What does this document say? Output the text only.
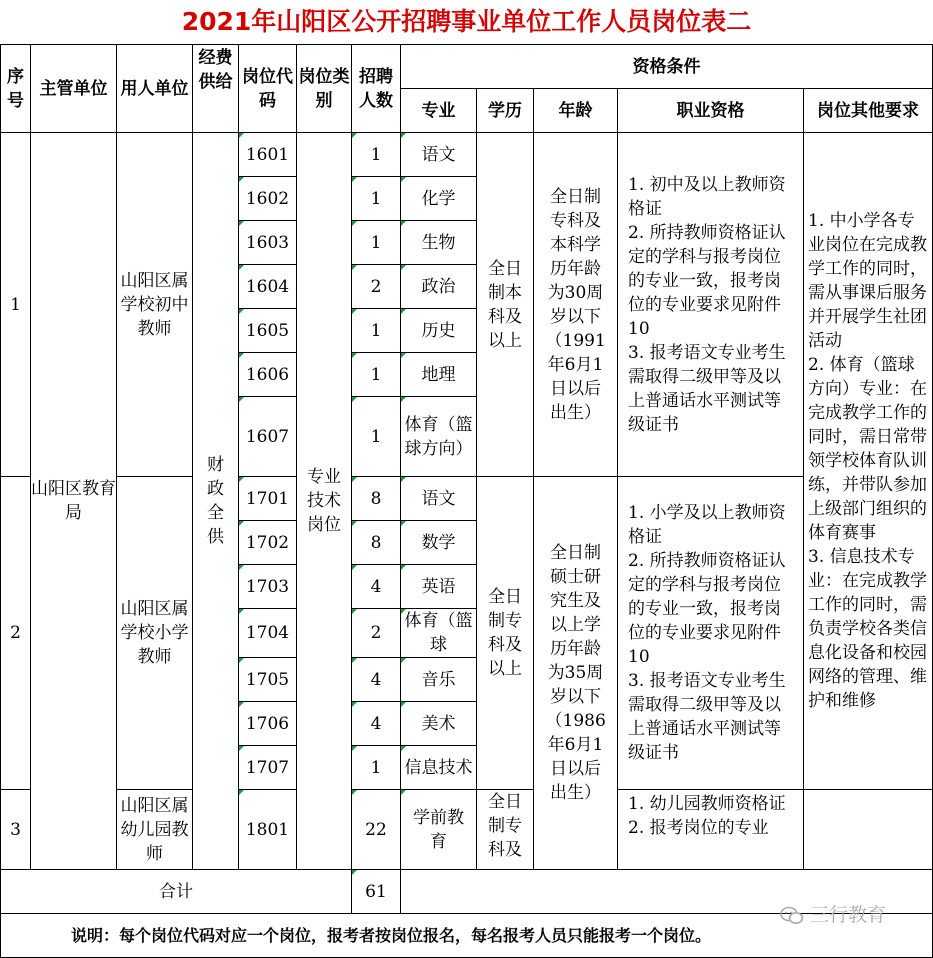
2021年山阳区公开招聘事业单位工作人员岗位表二
序号	主管单位	用人单位	经费供给	岗位代码	岗位类别	招聘人数	资格条件				
							专业	学历	年龄	职业资格	岗位其他要求
1	山阳区教育局	山阳区属学校初中教师	财政全供	1601	专业技术岗位	1	语文	全日制本科及以上	全日制专科及本科学历年龄为30周岁以下（1991年6月1日以后出生）	1. 初中及以上教师资格证
2. 所持教师资格证认定的学科与报考岗位的专业一致，报考岗位的专业要求见附件10
3. 报考语文专业考生需取得二级甲等及以上普通话水平测试等级证书	1. 中小学各专业岗位在完成教学工作的同时，需从事课后服务并开展学生社团活动
2. 体育（篮球方向）专业：在完成教学工作的同时，需日常带领学校体育队训练，并带队参加上级部门组织的体育赛事
3. 信息技术专业：在完成教学工作的同时，需负责学校各类信息化设备和校园网络的管理、维护和维修

				1602		1	化学				
				1603		1	生物				
				1604		2	政治				
				1605		1	历史				
				1606		1	地理				
				1607		1	体育（篮球方向）				
2		山阳区属学校小学教师		1701		8	语文	全日制专科及以上	全日制硕士研究生及以上学历年龄为35周岁以下（1986年6月1日以后出生）	1. 小学及以上教师资格证
2. 所持教师资格证认定的学科与报考岗位的专业一致，报考岗位的专业要求见附件10
3. 报考语文专业考生需取得二级甲等及以上普通话水平测试等级证书	

				1702		8	数学				
				1703		4	英语				
				1704		2	体育（篮球				
				1705		4	音乐				
				1706		4	美术				
				1707		1	信息技术				
3		山阳区属幼儿园教师		1801		22	学前教育	全日制专科及		1. 幼儿园教师资格证
2. 报考岗位的专业	

合计						61					
说明：每个岗位代码对应一个岗位，报考者按岗位报名，每名报考人员只能报考一个岗位。											
三行教育
